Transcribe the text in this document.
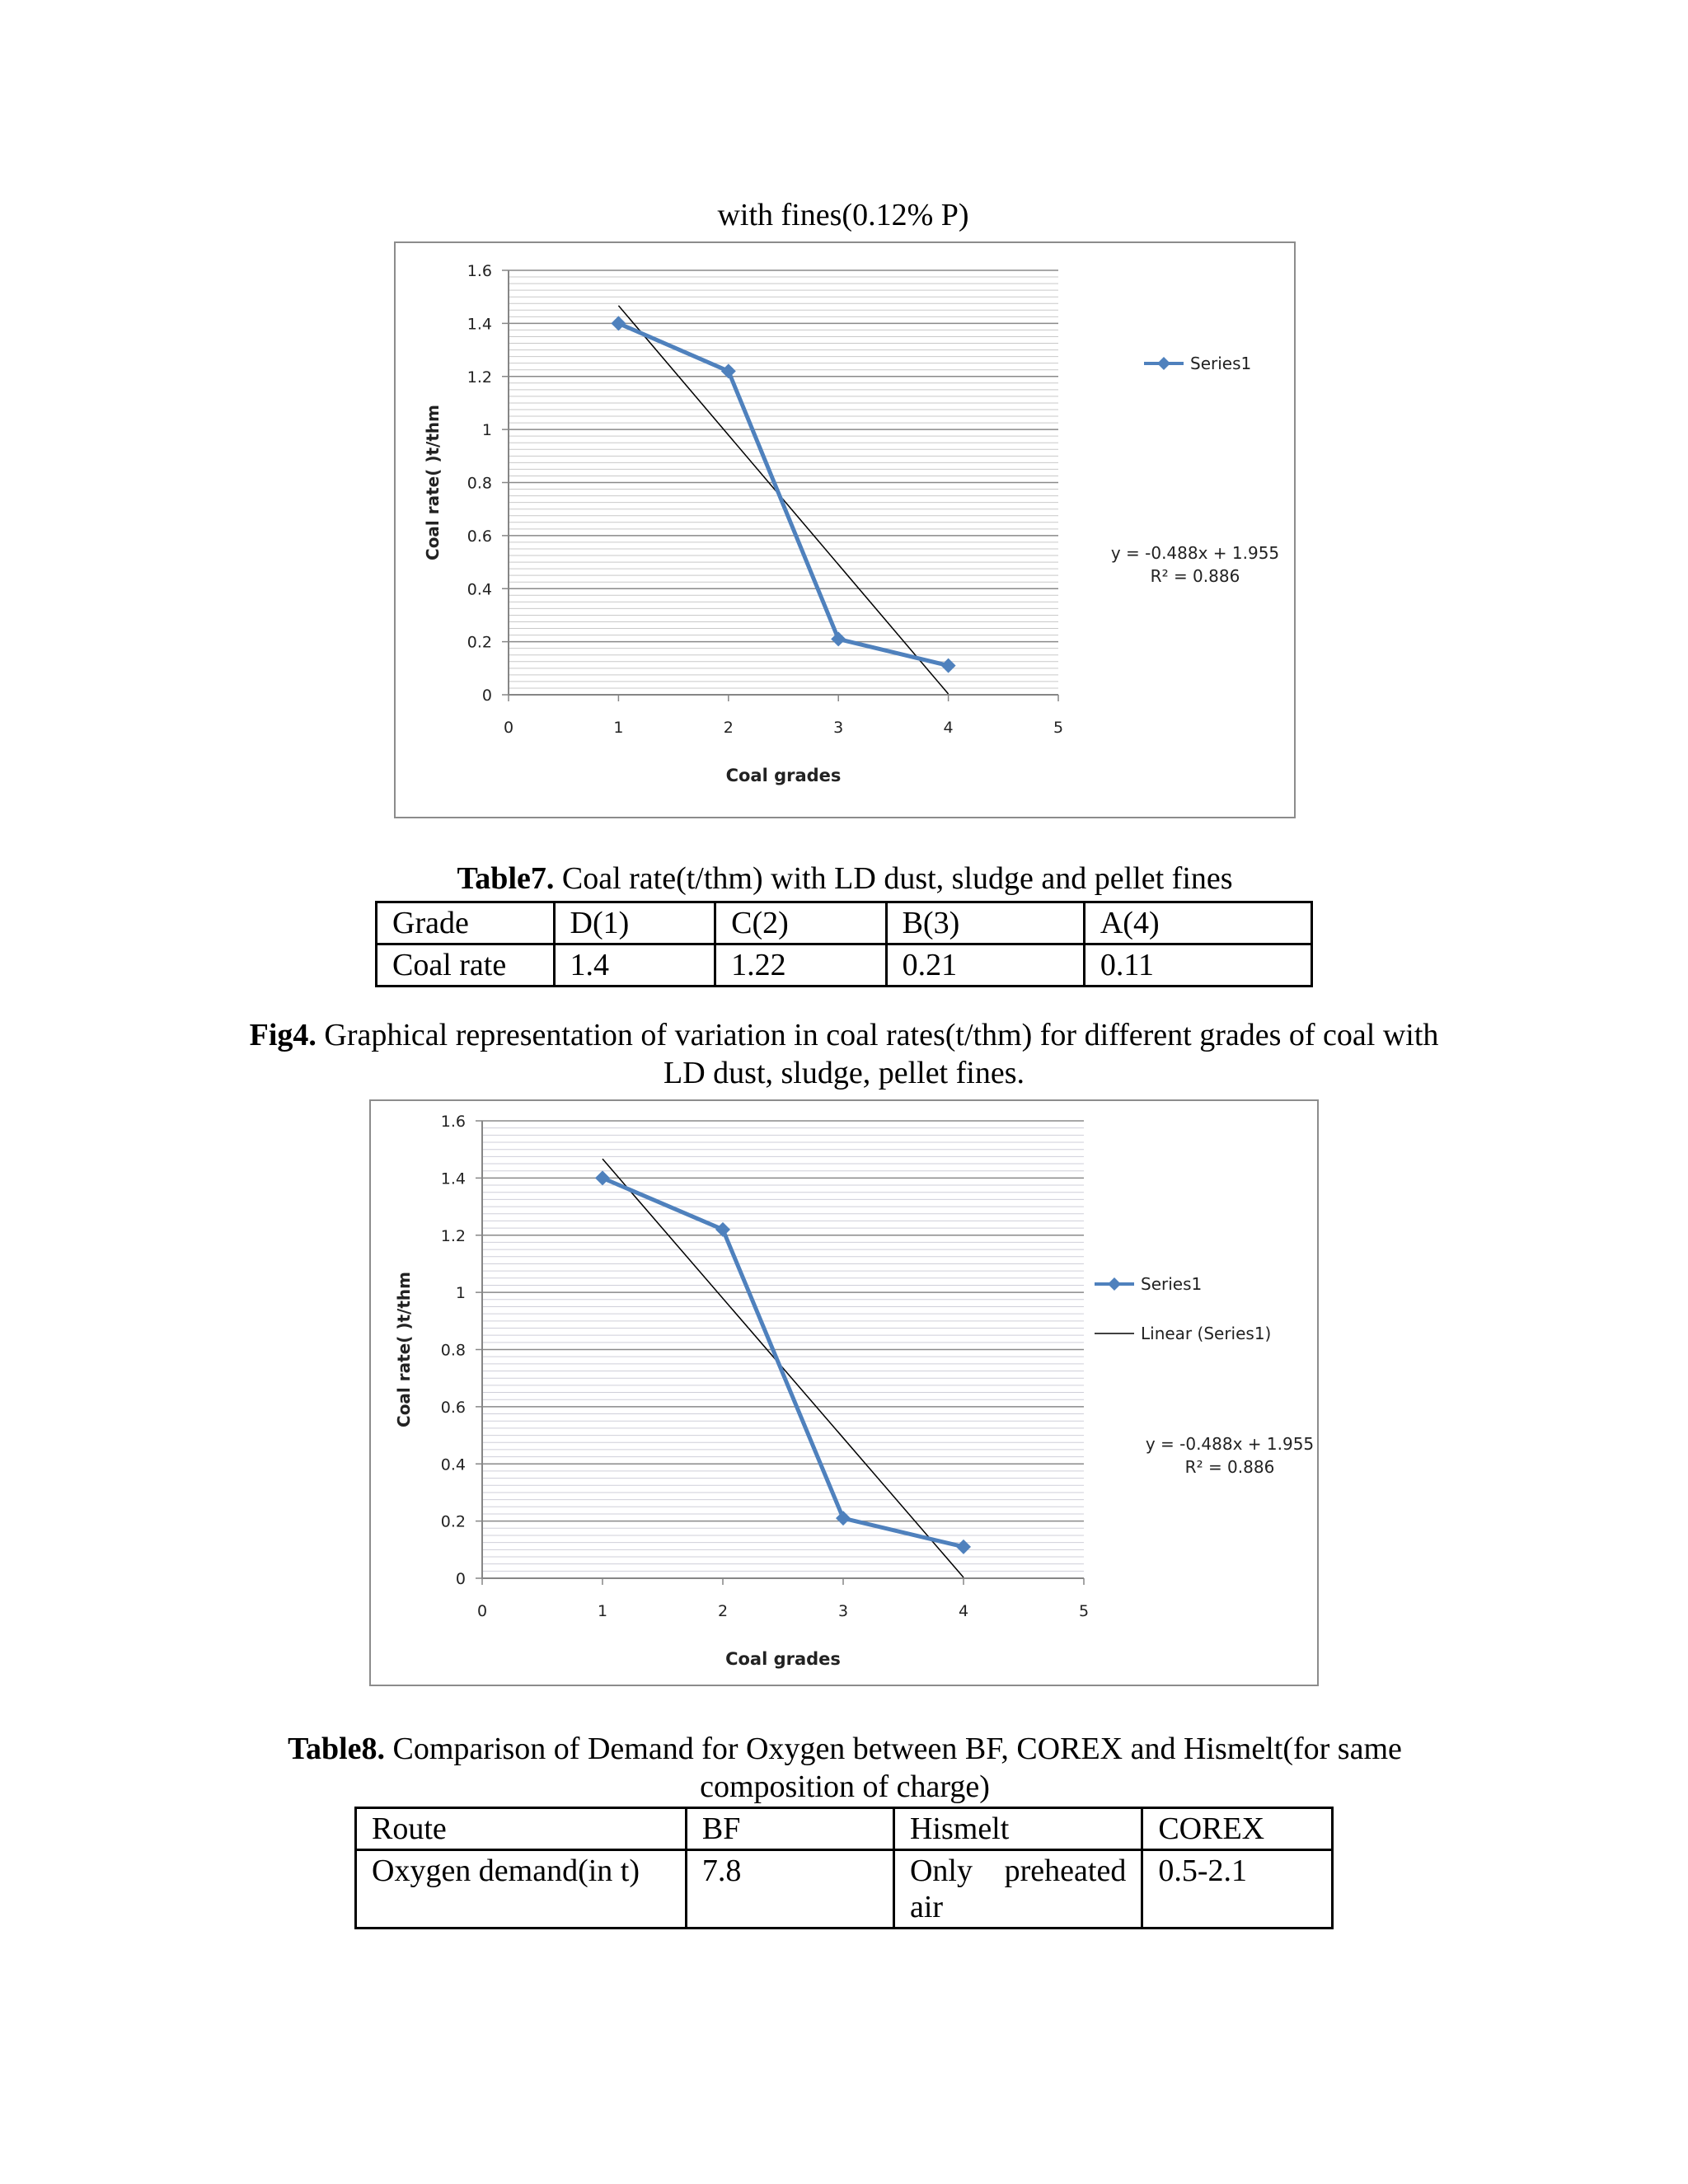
with fines(0.12% P)
0
0.2
0.4
0.6
0.8
1
1.2
1.4
1.6
0	1	2	3	4	5
Coal grades
Coal rate( )t/thm
Series1
y = -0.488x + 1.955
R² = 0.886
Table7. Coal rate(t/thm) with LD dust, sludge and pellet fines
Grade	D(1)	C(2)	B(3)	A(4)
Coal rate	1.4	1.22	0.21	0.11
Fig4. Graphical representation of variation in coal rates(t/thm) for different grades of coal with
LD dust, sludge, pellet fines.
0
0.2
0.4
0.6
0.8
1
1.2
1.4
1.6
0	1	2	3	4	5
Coal grades
Coal rate( )t/thm	Series1
Linear (Series1)
y = -0.488x + 1.955
R² = 0.886
Table8. Comparison of Demand for Oxygen between BF, COREX and Hismelt(for same
composition of charge)
Route	BF	Hismelt	COREX
Oxygen demand(in t)	7.8	Only preheated air	0.5-2.1
